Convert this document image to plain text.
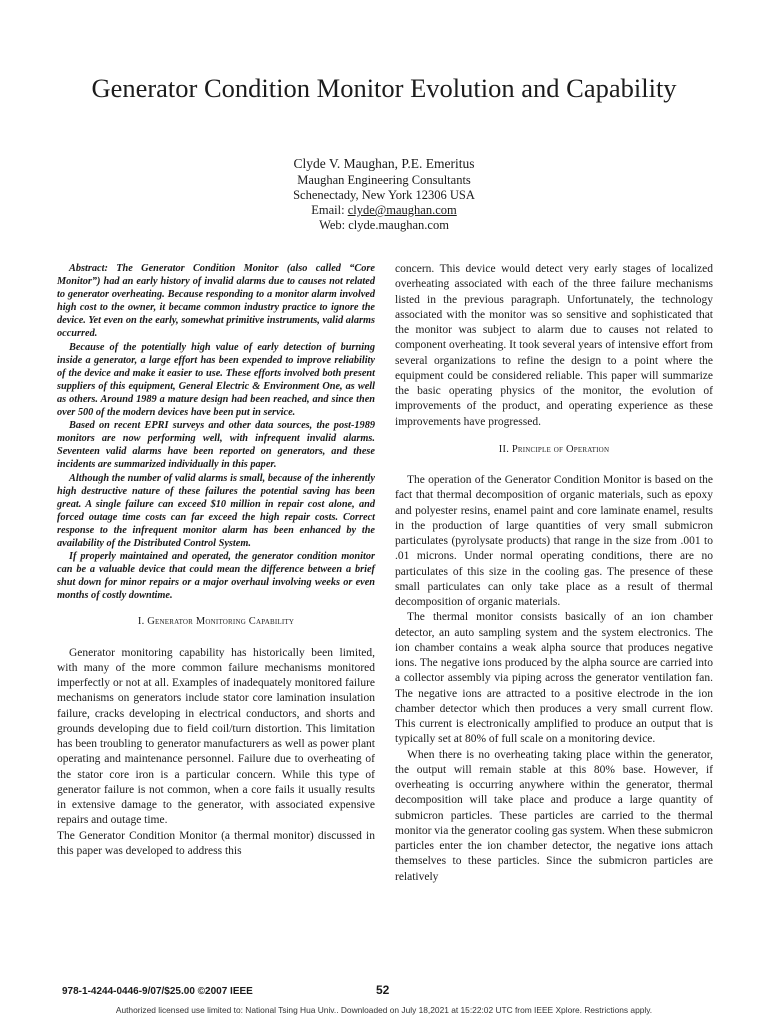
Generator Condition Monitor Evolution and Capability
Clyde V. Maughan, P.E. Emeritus
Maughan Engineering Consultants
Schenectady, New York 12306 USA
Email: clyde@maughan.com
Web: clyde.maughan.com

Abstract: The Generator Condition Monitor (also called “Core Monitor”) had an early history of invalid alarms due to causes not related to generator overheating. Because responding to a monitor alarm involved high cost to the owner, it became common industry practice to ignore the device. Yet even on the early, somewhat primitive instruments, valid alarms occurred.

Because of the potentially high value of early detection of burning inside a generator, a large effort has been expended to improve reliability of the device and make it easier to use. These efforts involved both present suppliers of this equipment, General Electric & Environment One, as well as others. Around 1989 a mature design had been reached, and since then over 500 of the modern devices have been put in service.

Based on recent EPRI surveys and other data sources, the post-1989 monitors are now performing well, with infrequent invalid alarms. Seventeen valid alarms have been reported on generators, and these incidents are summarized individually in this paper.

Although the number of valid alarms is small, because of the inherently high destructive nature of these failures the potential saving has been great. A single failure can exceed $10 million in repair cost alone, and forced outage time costs can far exceed the high repair costs. Correct response to the infrequent monitor alarm has been enhanced by the availability of the Distributed Control System.

If properly maintained and operated, the generator condition monitor can be a valuable device that could mean the difference between a brief shut down for minor repairs or a major overhaul involving weeks or even months of costly downtime.

I. Generator Monitoring Capability

Generator monitoring capability has historically been limited, with many of the more common failure mechanisms monitored imperfectly or not at all. Examples of inadequately monitored failure mechanisms on generators include stator core lamination insulation failure, cracks developing in electrical conductors, and shorts and grounds developing due to field coil/turn distortion. This limitation has been troubling to generator manufacturers as well as power plant operating and maintenance personnel. Failure due to overheating of the stator core iron is a particular concern. While this type of generator failure is not common, when a core fails it usually results in extensive damage to the generator, with associated expensive repairs and outage time.

The Generator Condition Monitor (a thermal monitor) discussed in this paper was developed to address this

concern. This device would detect very early stages of localized overheating associated with each of the three failure mechanisms listed in the previous paragraph. Unfortunately, the technology associated with the monitor was so sensitive and sophisticated that the monitor was subject to alarm due to causes not related to component overheating. It took several years of intensive effort from several organizations to refine the design to a point where the equipment could be considered reliable. This paper will summarize the basic operating physics of the monitor, the evolution of improvements of the product, and operating experience as these improvements have progressed.

II. Principle of Operation

The operation of the Generator Condition Monitor is based on the fact that thermal decomposition of organic materials, such as epoxy and polyester resins, enamel paint and core laminate enamel, results in the production of large quantities of very small submicron particulates (pyrolysate products) that range in the size from .001 to .01 microns. Under normal operating conditions, there are no particulates of this size in the cooling gas. The presence of these small particulates can only take place as a result of thermal decomposition of organic materials.

The thermal monitor consists basically of an ion chamber detector, an auto sampling system and the system electronics. The ion chamber contains a weak alpha source that produces negative ions. The negative ions produced by the alpha source are carried into a collector assembly via piping across the generator ventilation fan. The negative ions are attracted to a positive electrode in the ion chamber detector which then produces a very small current flow. This current is electronically amplified to produce an output that is typically set at 80% of full scale on a monitoring device.

When there is no overheating taking place within the generator, the output will remain stable at this 80% base. However, if overheating is occurring anywhere within the generator, thermal decomposition will take place and produce a large quantity of submicron particles. These particles are carried to the thermal monitor via the generator cooling gas system. When these submicron particles enter the ion chamber detector, the negative ions attach themselves to these particles. Since the submicron particles are relatively

978-1-4244-0446-9/07/$25.00 ©2007 IEEE	52
Authorized licensed use limited to: National Tsing Hua Univ.. Downloaded on July 18,2021 at 15:22:02 UTC from IEEE Xplore. Restrictions apply.
